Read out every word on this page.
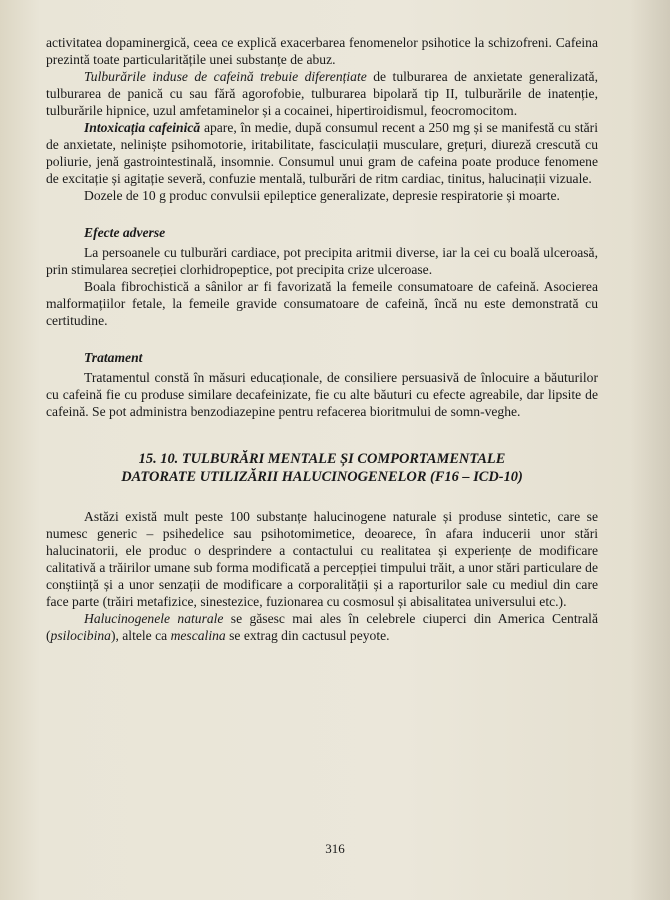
activitatea dopaminergică, ceea ce explică exacerbarea fenomenelor psihotice la schizofreni. Cafeina prezintă toate particularitățile unei substanțe de abuz.

Tulburările induse de cafeină trebuie diferențiate de tulburarea de anxietate generalizată, tulburarea de panică cu sau fără agorofobie, tulburarea bipolară tip II, tulburările de inatenție, tulburările hipnice, uzul amfetaminelor și a cocainei, hipertiroidismul, feocromocitom.

Intoxicația cafeinică apare, în medie, după consumul recent a 250 mg și se manifestă cu stări de anxietate, neliniște psihomotorie, iritabilitate, fasciculații musculare, grețuri, diureză crescută cu poliurie, jenă gastrointestinală, insomnie. Consumul unui gram de cafeina poate produce fenomene de excitație și agitație severă, confuzie mentală, tulburări de ritm cardiac, tinitus, halucinații vizuale.

Dozele de 10 g produc convulsii epileptice generalizate, depresie respiratorie și moarte.

Efecte adverse

La persoanele cu tulburări cardiace, pot precipita aritmii diverse, iar la cei cu boală ulceroasă, prin stimularea secreției clorhidropeptice, pot precipita crize ulceroase.

Boala fibrochistică a sânilor ar fi favorizată la femeile consumatoare de cafeină. Asocierea malformațiilor fetale, la femeile gravide consumatoare de cafeină, încă nu este demonstrată cu certitudine.

Tratament

Tratamentul constă în măsuri educaționale, de consiliere persuasivă de înlocuire a băuturilor cu cafeină fie cu produse similare decafeinizate, fie cu alte băuturi cu efecte agreabile, dar lipsite de cafeină. Se pot administra benzodiazepine pentru refacerea bioritmului de somn-veghe.

15. 10. TULBURĂRI MENTALE ȘI COMPORTAMENTALE

DATORATE UTILIZĂRII HALUCINOGENELOR (F16 – ICD-10)

Astăzi există mult peste 100 substanțe halucinogene naturale și produse sintetic, care se numesc generic – psihedelice sau psihotomimetice, deoarece, în afara inducerii unor stări halucinatorii, ele produc o desprindere a contactului cu realitatea și experiențe de modificare calitativă a trăirilor umane sub forma modificată a percepției timpului trăit, a unor stări particulare de conștiință și a unor senzații de modificare a corporalității și a raporturilor sale cu mediul din care face parte (trăiri metafizice, sinestezice, fuzionarea cu cosmosul și abisalitatea universului etc.).

Halucinogenele naturale se găsesc mai ales în celebrele ciuperci din America Centrală (psilocibina), altele ca mescalina se extrag din cactusul peyote.

316
